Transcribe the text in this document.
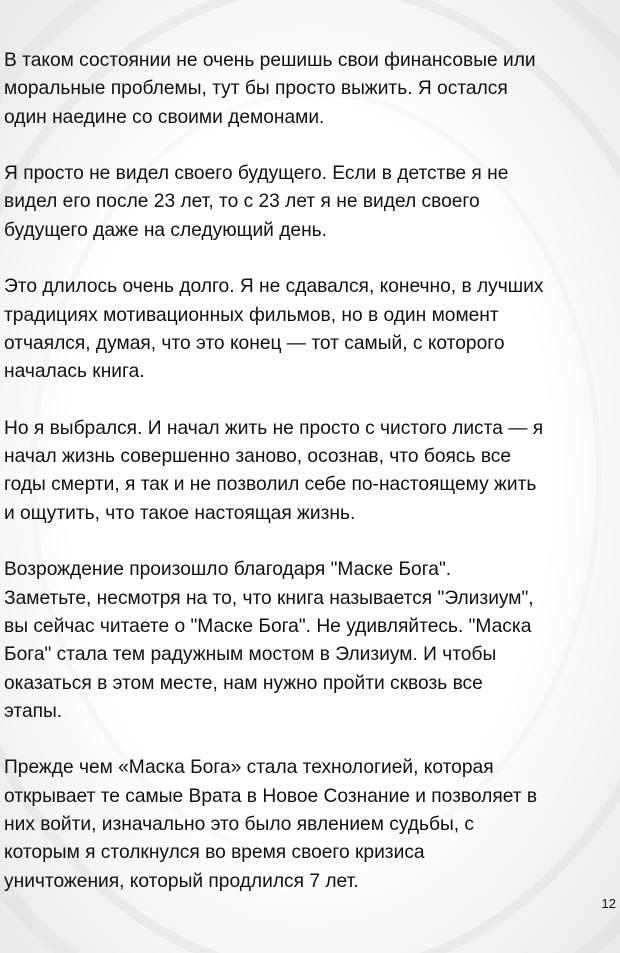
В таком состоянии не очень решишь свои финансовые или
моральные проблемы, тут бы просто выжить. Я остался
один наедине со своими демонами.

Я просто не видел своего будущего. Если в детстве я не
видел его после 23 лет, то с 23 лет я не видел своего
будущего даже на следующий день.

Это длилось очень долго. Я не сдавался, конечно, в лучших
традициях мотивационных фильмов, но в один момент
отчаялся, думая, что это конец — тот самый, с которого
началась книга.

Но я выбрался. И начал жить не просто с чистого листа — я
начал жизнь совершенно заново, осознав, что боясь все
годы смерти, я так и не позволил себе по-настоящему жить
и ощутить, что такое настоящая жизнь.

Возрождение произошло благодаря "Маске Бога".
Заметьте, несмотря на то, что книга называется "Элизиум",
вы сейчас читаете о "Маске Бога". Не удивляйтесь. "Маска
Бога" стала тем радужным мостом в Элизиум. И чтобы
оказаться в этом месте, нам нужно пройти сквозь все
этапы.

Прежде чем «Маска Бога» стала технологией, которая
открывает те самые Врата в Новое Сознание и позволяет в
них войти, изначально это было явлением судьбы, с
которым я столкнулся во время своего кризиса
уничтожения, который продлился 7 лет.

12
